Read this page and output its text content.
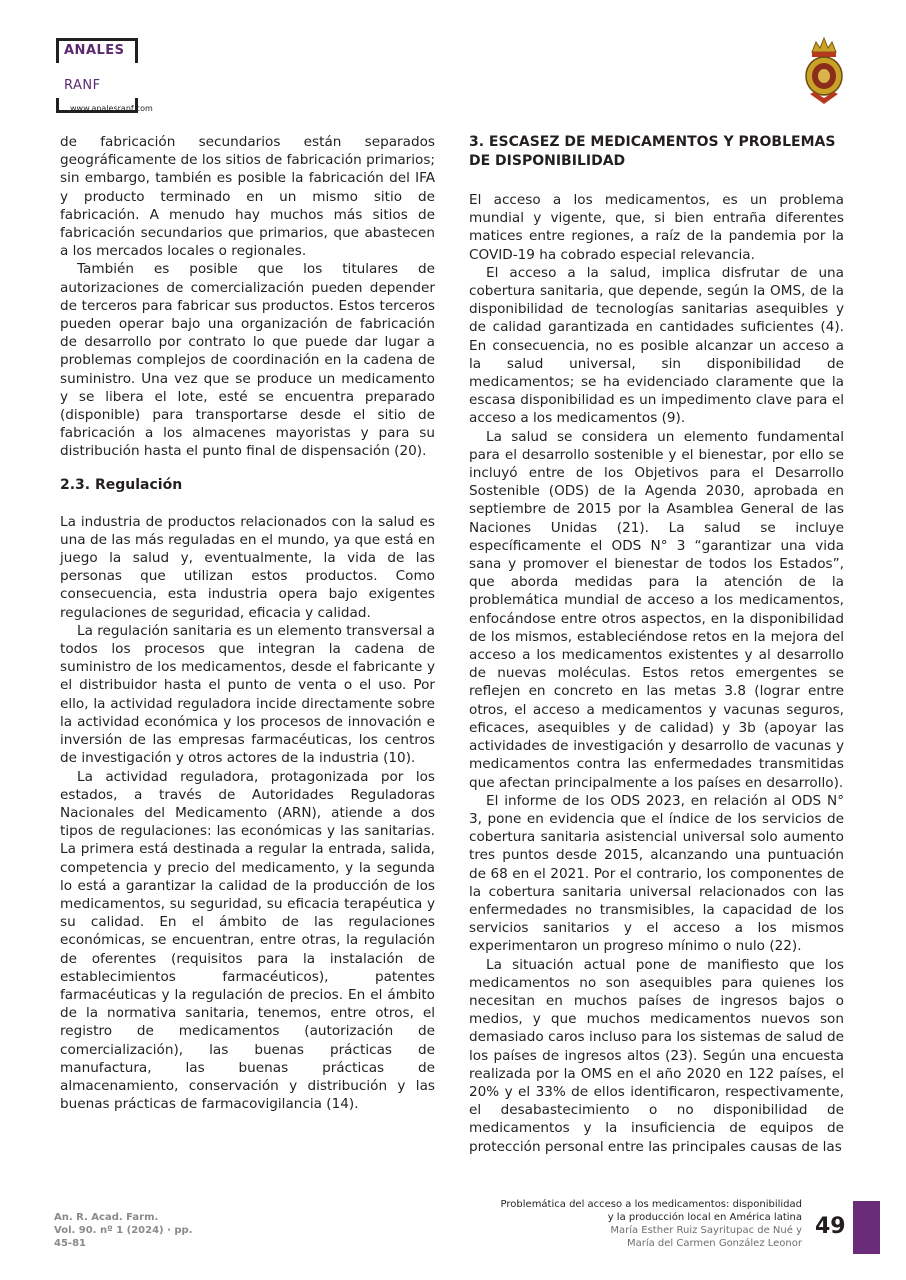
ANALES
RANF
www.analesranf.com

de fabricación secundarios están separados geográficamente de los sitios de fabricación primarios; sin embargo, también es posible la fabricación del IFA y producto terminado en un mismo sitio de fabricación. A menudo hay muchos más sitios de fabricación secundarios que primarios, que abastecen a los mercados locales o regionales.

También es posible que los titulares de autorizaciones de comercialización pueden depender de terceros para fabricar sus productos. Estos terceros pueden operar bajo una organización de fabricación de desarrollo por contrato lo que puede dar lugar a problemas complejos de coordinación en la cadena de suministro. Una vez que se produce un medicamento y se libera el lote, esté se encuentra preparado (disponible) para transportarse desde el sitio de fabricación a los almacenes mayoristas y para su distribución hasta el punto final de dispensación (20).

2.3. Regulación

La industria de productos relacionados con la salud es una de las más reguladas en el mundo, ya que está en juego la salud y, eventualmente, la vida de las personas que utilizan estos productos. Como consecuencia, esta industria opera bajo exigentes regulaciones de seguridad, eficacia y calidad.

La regulación sanitaria es un elemento transversal a todos los procesos que integran la cadena de suministro de los medicamentos, desde el fabricante y el distribuidor hasta el punto de venta o el uso. Por ello, la actividad reguladora incide directamente sobre la actividad económica y los procesos de innovación e inversión de las empresas farmacéuticas, los centros de investigación y otros actores de la industria (10).

La actividad reguladora, protagonizada por los estados, a través de Autoridades Reguladoras Nacionales del Medicamento (ARN), atiende a dos tipos de regulaciones: las económicas y las sanitarias. La primera está destinada a regular la entrada, salida, competencia y precio del medicamento, y la segunda lo está a garantizar la calidad de la producción de los medicamentos, su seguridad, su eficacia terapéutica y su calidad. En el ámbito de las regulaciones económicas, se encuentran, entre otras, la regulación de oferentes (requisitos para la instalación de establecimientos farmacéuticos), patentes farmacéuticas y la regulación de precios. En el ámbito de la normativa sanitaria, tenemos, entre otros, el registro de medicamentos (autorización de comercialización), las buenas prácticas de manufactura, las buenas prácticas de almacenamiento, conservación y distribución y las buenas prácticas de farmacovigilancia (14).

3. ESCASEZ DE MEDICAMENTOS Y PROBLEMAS DE DISPONIBILIDAD

El acceso a los medicamentos, es un problema mundial y vigente, que, si bien entraña diferentes matices entre regiones, a raíz de la pandemia por la COVID-19 ha cobrado especial relevancia.

El acceso a la salud, implica disfrutar de una cobertura sanitaria, que depende, según la OMS, de la disponibilidad de tecnologías sanitarias asequibles y de calidad garantizada en cantidades suficientes (4). En consecuencia, no es posible alcanzar un acceso a la salud universal, sin disponibilidad de medicamentos; se ha evidenciado claramente que la escasa disponibilidad es un impedimento clave para el acceso a los medicamentos (9).

La salud se considera un elemento fundamental para el desarrollo sostenible y el bienestar, por ello se incluyó entre de los Objetivos para el Desarrollo Sostenible (ODS) de la Agenda 2030, aprobada en septiembre de 2015 por la Asamblea General de las Naciones Unidas (21). La salud se incluye específicamente el ODS N° 3 “garantizar una vida sana y promover el bienestar de todos los Estados”, que aborda medidas para la atención de la problemática mundial de acceso a los medicamentos, enfocándose entre otros aspectos, en la disponibilidad de los mismos, estableciéndose retos en la mejora del acceso a los medicamentos existentes y al desarrollo de nuevas moléculas. Estos retos emergentes se reflejen en concreto en las metas 3.8 (lograr entre otros, el acceso a medicamentos y vacunas seguros, eficaces, asequibles y de calidad) y 3b (apoyar las actividades de investigación y desarrollo de vacunas y medicamentos contra las enfermedades transmitidas que afectan principalmente a los países en desarrollo).

El informe de los ODS 2023, en relación al ODS N° 3, pone en evidencia que el índice de los servicios de cobertura sanitaria asistencial universal solo aumento tres puntos desde 2015, alcanzando una puntuación de 68 en el 2021. Por el contrario, los componentes de la cobertura sanitaria universal relacionados con las enfermedades no transmisibles, la capacidad de los servicios sanitarios y el acceso a los mismos experimentaron un progreso mínimo o nulo (22).

La situación actual pone de manifiesto que los medicamentos no son asequibles para quienes los necesitan en muchos países de ingresos bajos o medios, y que muchos medicamentos nuevos son demasiado caros incluso para los sistemas de salud de los países de ingresos altos (23). Según una encuesta realizada por la OMS en el año 2020 en 122 países, el 20% y el 33% de ellos identificaron, respectivamente, el desabastecimiento o no disponibilidad de medicamentos y la insuficiencia de equipos de protección personal entre las principales causas de las

An. R. Acad. Farm.
Vol. 90. nº 1 (2024) · pp.
45-81
Problemática del acceso a los medicamentos: disponibilidad
y la producción local en América latina
María Esther Ruiz Sayritupac de Nué y
María del Carmen González Leonor
49
